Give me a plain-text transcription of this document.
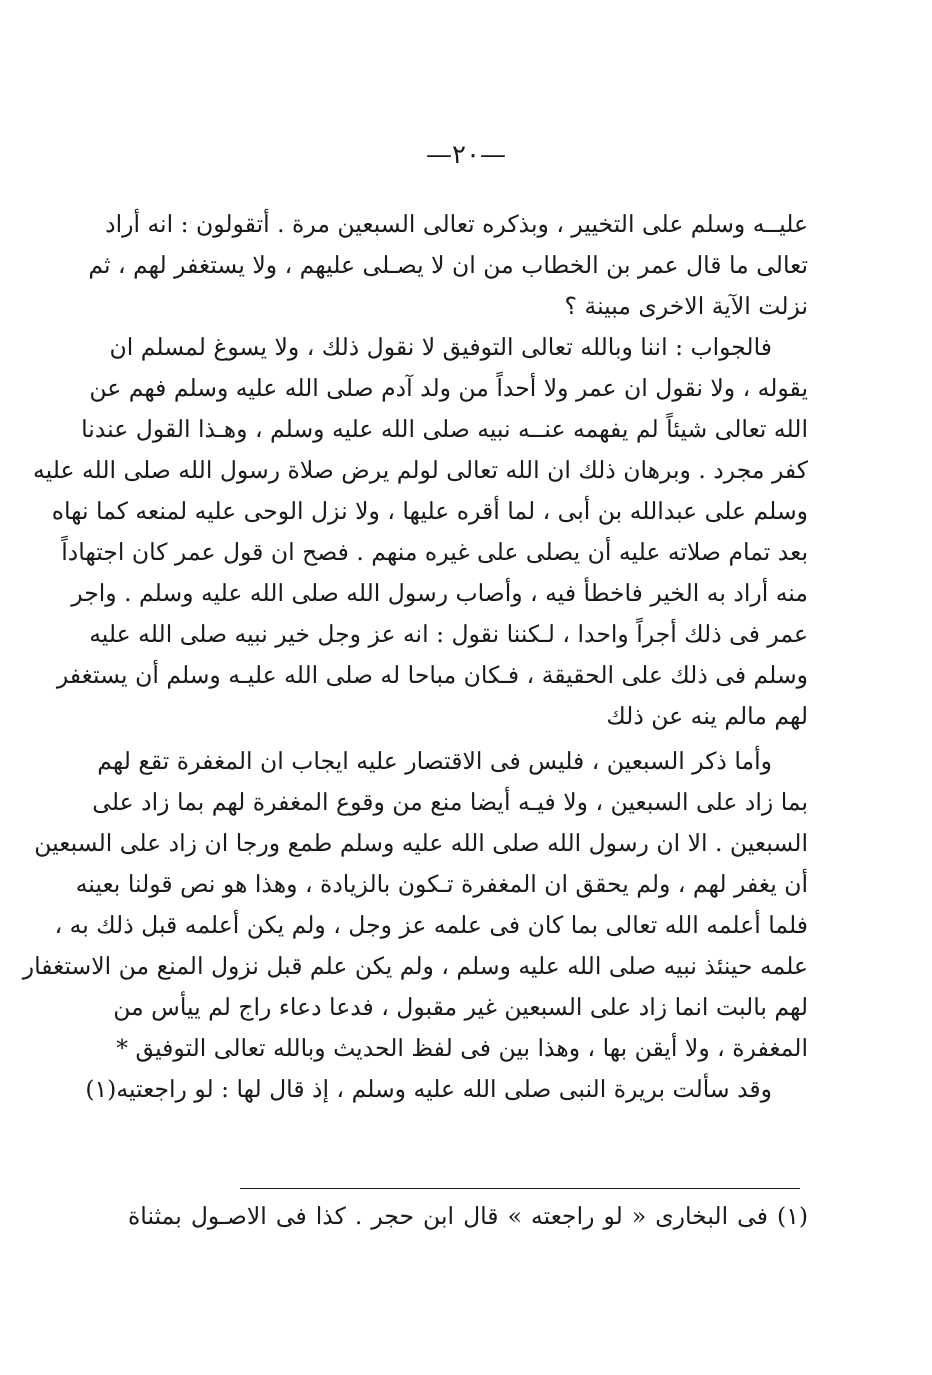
—٢٠—
عليــه وسلم على التخيير ، وبذكره تعالى السبعين مرة . أتقولون : انه أراد
تعالى ما قال عمر بن الخطاب من ان لا يصـلى عليهم ، ولا يستغفر لهم ، ثم
نزلت الآية الاخرى مبينة ؟
فالجواب : اننا وبالله تعالى التوفيق لا نقول ذلك ، ولا يسوغ لمسلم ان
يقوله ، ولا نقول ان عمر ولا أحداً من ولد آدم صلى الله عليه وسلم فهم عن
الله تعالى شيئاً لم يفهمه عنــه نبيه صلى الله عليه وسلم ، وهـذا القول عندنا
كفر مجرد . وبرهان ذلك ان الله تعالى لولم يرض صلاة رسول الله صلى الله عليه
وسلم على عبدالله بن أبى ، لما أقره عليها ، ولا نزل الوحى عليه لمنعه كما نهاه
بعد تمام صلاته عليه أن يصلى على غيره منهم . فصح ان قول عمر كان اجتهاداً
منه أراد به الخير فاخطأ فيه ، وأصاب رسول الله صلى الله عليه وسلم . واجر
عمر فى ذلك أجراً واحدا ، لـكننا نقول : انه عز وجل خير نبيه صلى الله عليه
وسلم فى ذلك على الحقيقة ، فـكان مباحا له صلى الله عليـه وسلم أن يستغفر
لهم مالم ينه عن ذلك
وأما ذكر السبعين ، فليس فى الاقتصار عليه ايجاب ان المغفرة تقع لهم
بما زاد على السبعين ، ولا فيـه أيضا منع من وقوع المغفرة لهم بما زاد على
السبعين . الا ان رسول الله صلى الله عليه وسلم طمع ورجا ان زاد على السبعين
أن يغفر لهم ، ولم يحقق ان المغفرة تـكون بالزيادة ، وهذا هو نص قولنا بعينه
فلما أعلمه الله تعالى بما كان فى علمه عز وجل ، ولم يكن أعلمه قبل ذلك به ،
علمه حينئذ نبيه صلى الله عليه وسلم ، ولم يكن علم قبل نزول المنع من الاستغفار
لهم بالبت انما زاد على السبعين غير مقبول ، فدعا دعاء راج لم ييأس من
المغفرة ، ولا أيقن بها ، وهذا بين فى لفظ الحديث وبالله تعالى التوفيق *
وقد سألت بريرة النبى صلى الله عليه وسلم ، إذ قال لها : لو راجعتيه(١)
(١) فى البخارى « لو راجعته » قال ابن حجر . كذا فى الاصـول بمثناة
